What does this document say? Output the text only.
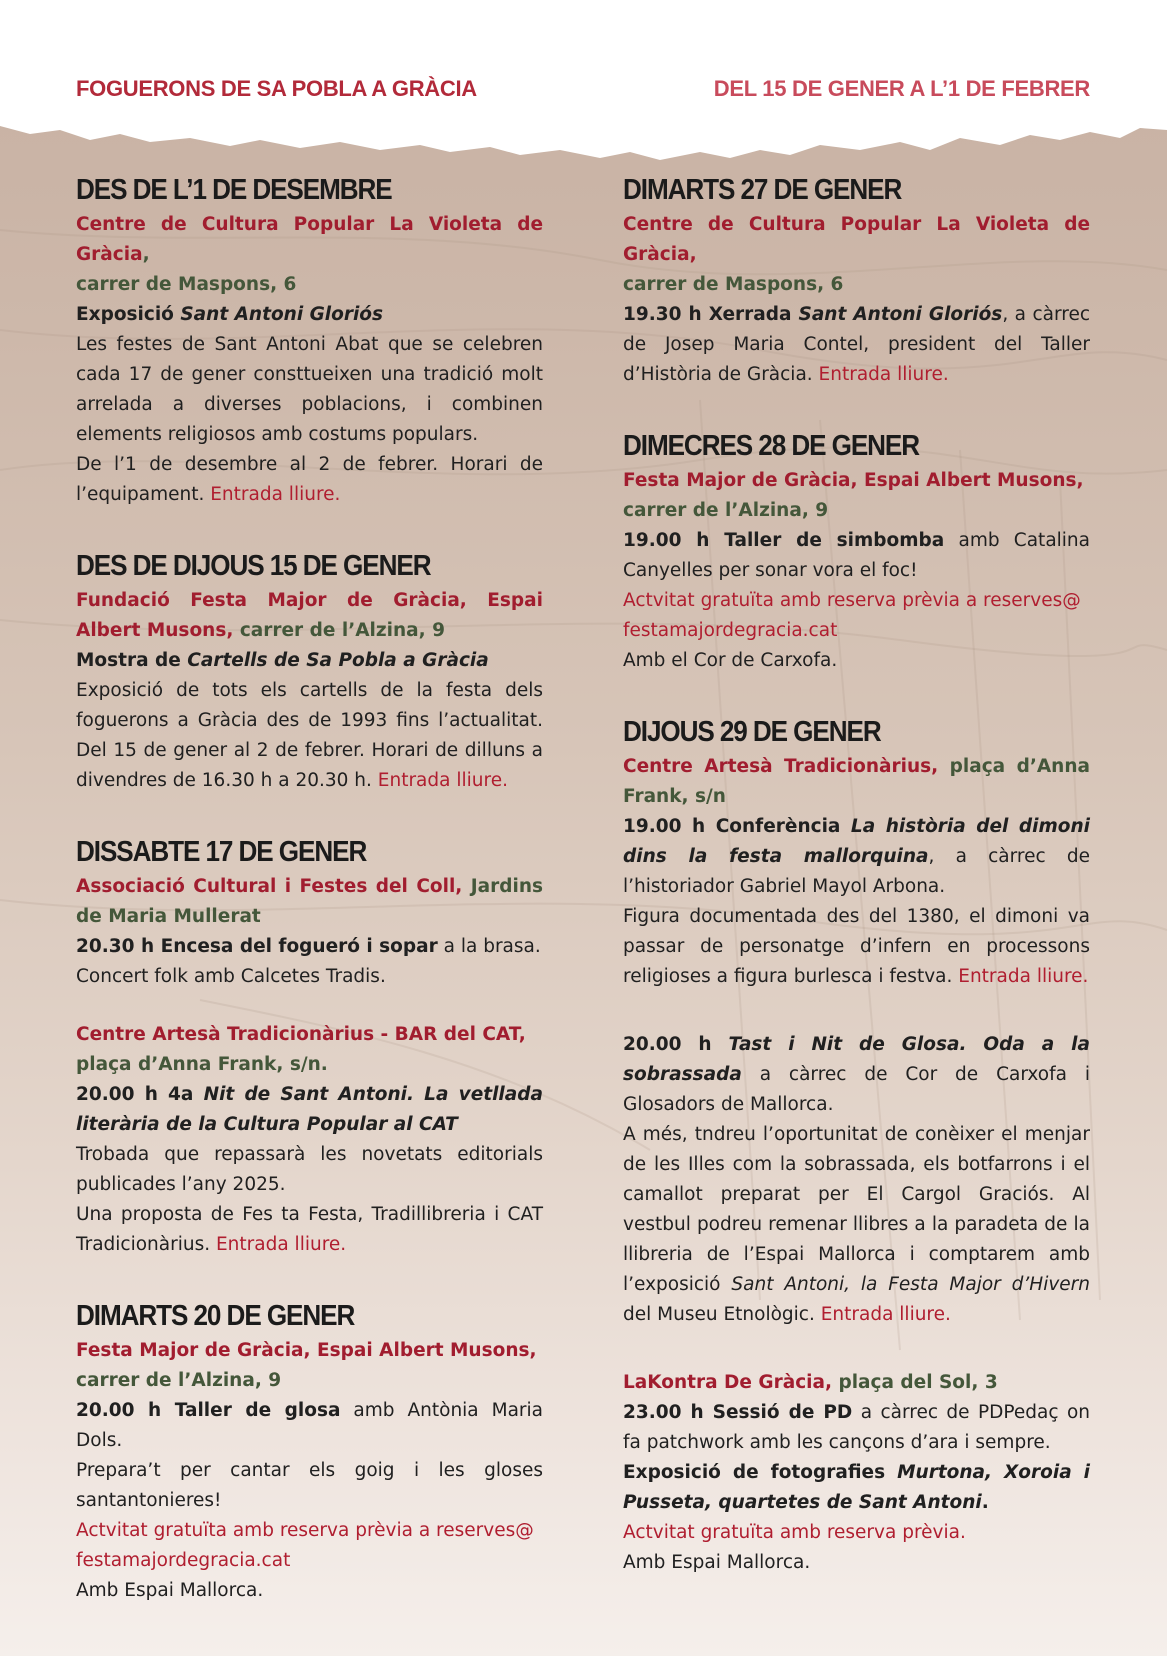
FOGUERONS DE SA POBLA A GRÀCIA	DEL 15 DE GENER A L’1 DE FEBRER
DES DE L’1 DE DESEMBRE

Centre de Cultura Popular La Violeta de Gràcia,

carrer de Maspons, 6

Exposició Sant Antoni Gloriós

Les festes de Sant Antoni Abat que se celebren cada 17 de gener consttueixen una tradició molt arrelada a diverses poblacions, i combinen elements religiosos amb costums populars.

De l’1 de desembre al 2 de febrer. Horari de l’equipament. Entrada lliure.

DES DE DIJOUS 15 DE GENER

Fundació Festa Major de Gràcia, Espai Albert Musons, carrer de l’Alzina, 9

Mostra de Cartells de Sa Pobla a Gràcia

Exposició de tots els cartells de la festa dels foguerons a Gràcia des de 1993 fins l’actualitat. Del 15 de gener al 2 de febrer. Horari de dilluns a divendres de 16.30 h a 20.30 h. Entrada lliure.

DISSABTE 17 DE GENER

Associació Cultural i Festes del Coll, Jardins de Maria Mullerat

20.30 h Encesa del fogueró i sopar a la brasa.

Concert folk amb Calcetes Tradis.

Centre Artesà Tradicionàrius - BAR del CAT,

plaça d’Anna Frank, s/n.

20.00 h 4a Nit de Sant Antoni. La vetllada literària de la Cultura Popular al CAT

Trobada que repassarà les novetats editorials publicades l’any 2025.

Una proposta de Fes ta Festa, Tradillibreria i CAT Tradicionàrius. Entrada lliure.

DIMARTS 20 DE GENER

Festa Major de Gràcia, Espai Albert Musons,

carrer de l’Alzina, 9

20.00 h Taller de glosa amb Antònia Maria Dols.

Prepara’t per cantar els goig i les gloses santantonieres!

Actvitat gratuïta amb reserva prèvia a reserves@

festamajordegracia.cat

Amb Espai Mallorca.

DIMARTS 27 DE GENER

Centre de Cultura Popular La Violeta de Gràcia,

carrer de Maspons, 6

19.30 h Xerrada Sant Antoni Gloriós, a càrrec de Josep Maria Contel, president del Taller d’Història de Gràcia. Entrada lliure.

DIMECRES 28 DE GENER

Festa Major de Gràcia, Espai Albert Musons,

carrer de l’Alzina, 9

19.00 h Taller de simbomba amb Catalina Canyelles per sonar vora el foc!

Actvitat gratuïta amb reserva prèvia a reserves@

festamajordegracia.cat

Amb el Cor de Carxofa.

DIJOUS 29 DE GENER

Centre Artesà Tradicionàrius, plaça d’Anna Frank, s/n

19.00 h Conferència La història del dimoni dins la festa mallorquina, a càrrec de l’historiador Gabriel Mayol Arbona.

Figura documentada des del 1380, el dimoni va passar de personatge d’infern en processons religioses a figura burlesca i festva. Entrada lliure.

20.00 h Tast i Nit de Glosa. Oda a la sobrassada a càrrec de Cor de Carxofa i Glosadors de Mallorca.

A més, tndreu l’oportunitat de conèixer el menjar de les Illes com la sobrassada, els botfarrons i el camallot preparat per El Cargol Graciós. Al vestbul podreu remenar llibres a la paradeta de la llibreria de l’Espai Mallorca i comptarem amb l’exposició Sant Antoni, la Festa Major d’Hivern del Museu Etnològic. Entrada lliure.

LaKontra De Gràcia, plaça del Sol, 3

23.00 h Sessió de PD a càrrec de PDPedaç on fa patchwork amb les cançons d’ara i sempre.

Exposició de fotografies Murtona, Xoroia i Pusseta, quartetes de Sant Antoni.

Actvitat gratuïta amb reserva prèvia.

Amb Espai Mallorca.
